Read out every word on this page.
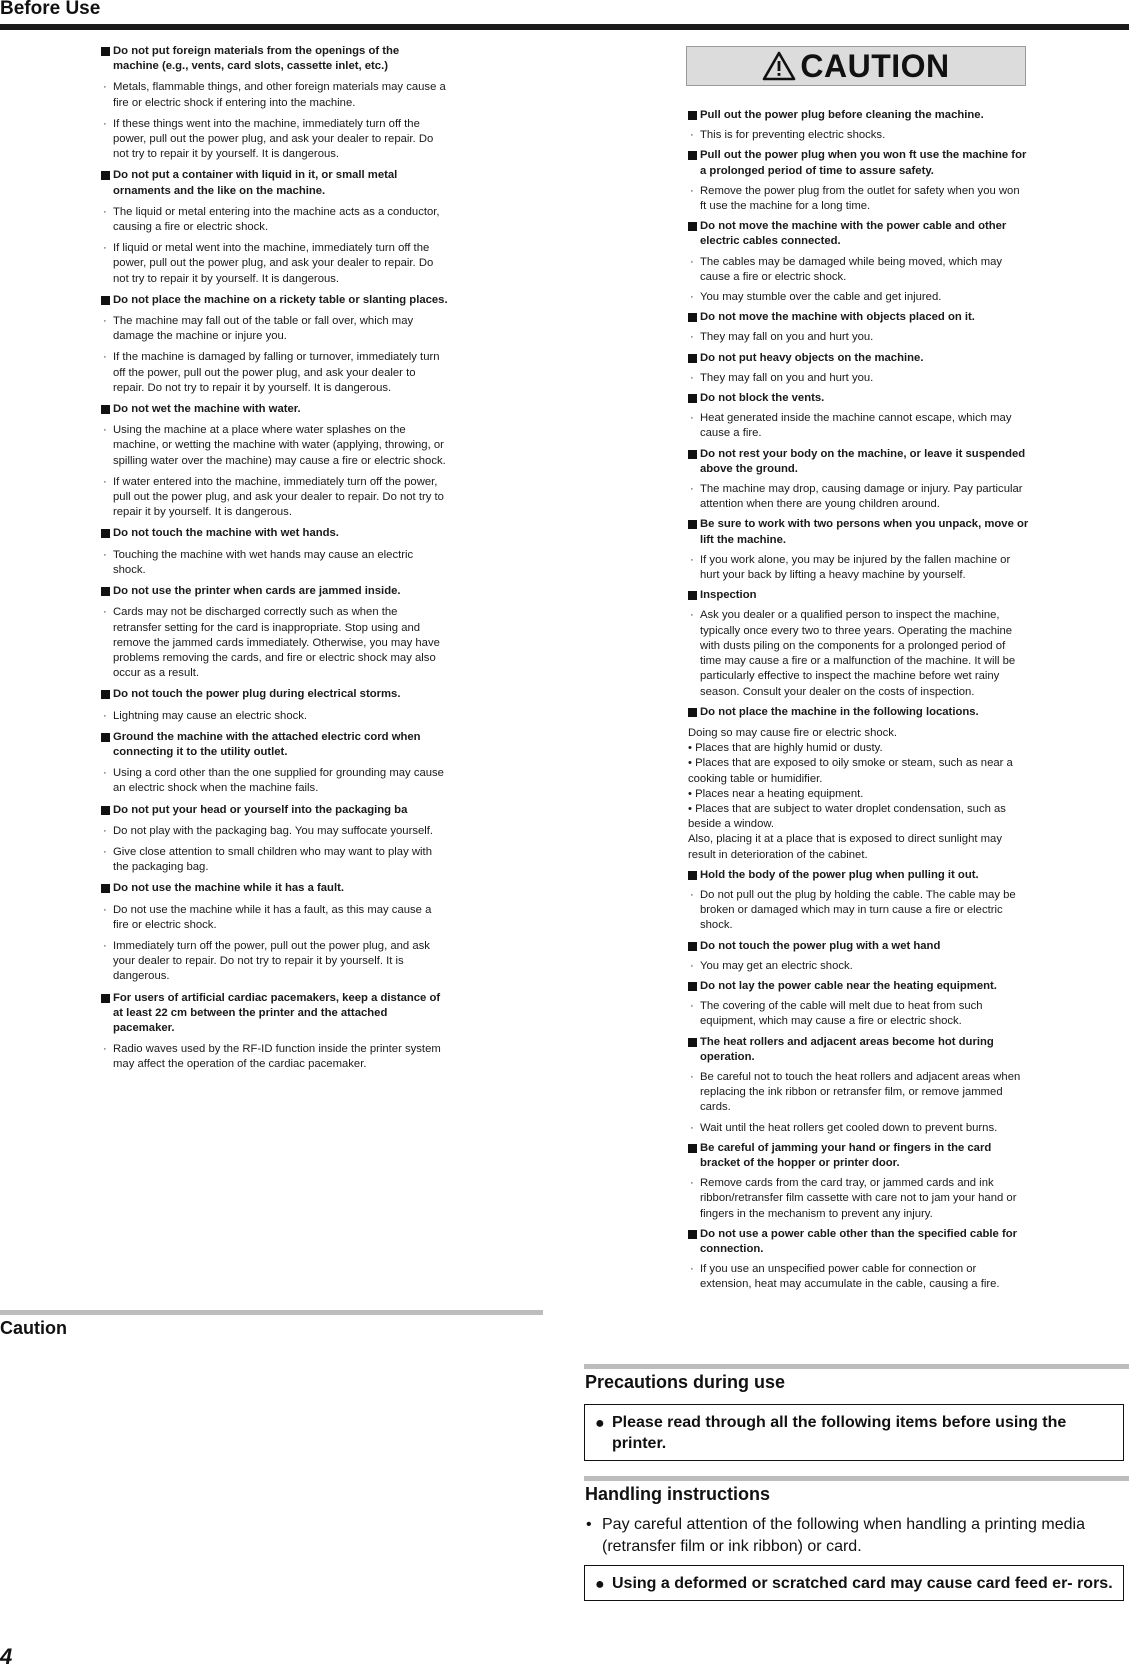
Before Use
Do not put foreign materials from the openings of the machine (e.g., vents, card slots, cassette inlet, etc.)
· Metals, flammable things, and other foreign materials may cause a fire or electric shock if entering into the machine.
· If these things went into the machine, immediately turn off the power, pull out the power plug, and ask your dealer to repair. Do not try to repair it by yourself. It is dangerous.
Do not put a container with liquid in it, or small metal ornaments and the like on the machine.
· The liquid or metal entering into the machine acts as a conductor, causing a fire or electric shock.
· If liquid or metal went into the machine, immediately turn off the power, pull out the power plug, and ask your dealer to repair. Do not try to repair it by yourself. It is dangerous.
Do not place the machine on a rickety table or slanting places.
· The machine may fall out of the table or fall over, which may damage the machine or injure you.
· If the machine is damaged by falling or turnover, immediately turn off the power, pull out the power plug, and ask your dealer to repair. Do not try to repair it by yourself. It is dangerous.
Do not wet the machine with water.
· Using the machine at a place where water splashes on the machine, or wetting the machine with water (applying, throwing, or spilling water over the machine) may cause a fire or electric shock.
· If water entered into the machine, immediately turn off the power, pull out the power plug, and ask your dealer to repair. Do not try to repair it by yourself. It is dangerous.
Do not touch the machine with wet hands.
· Touching the machine with wet hands may cause an electric shock.
Do not use the printer when cards are jammed inside.
· Cards may not be discharged correctly such as when the retransfer setting for the card is inappropriate. Stop using and remove the jammed cards immediately. Otherwise, you may have problems removing the cards, and fire or electric shock may also occur as a result.
Do not touch the power plug during electrical storms.
· Lightning may cause an electric shock.
Ground the machine with the attached electric cord when connecting it to the utility outlet.
· Using a cord other than the one supplied for grounding may cause an electric shock when the machine fails.
Do not put your head or yourself into the packaging ba
· Do not play with the packaging bag. You may suffocate yourself.
· Give close attention to small children who may want to play with the packaging bag.
Do not use the machine while it has a fault.
· Do not use the machine while it has a fault, as this may cause a fire or electric shock.
· Immediately turn off the power, pull out the power plug, and ask your dealer to repair. Do not try to repair it by yourself. It is dangerous.
For users of artificial cardiac pacemakers, keep a distance of at least 22 cm between the printer and the attached pacemaker.
· Radio waves used by the RF-ID function inside the printer system may affect the operation of the cardiac pacemaker.
CAUTION
Pull out the power plug before cleaning the machine.
· This is for preventing electric shocks.
Pull out the power plug when you won ft use the machine for a prolonged period of time to assure safety.
· Remove the power plug from the outlet for safety when you won ft use the machine for a long time.
Do not move the machine with the power cable and other electric cables connected.
· The cables may be damaged while being moved, which may cause a fire or electric shock.
· You may stumble over the cable and get injured.
Do not move the machine with objects placed on it.
· They may fall on you and hurt you.
Do not put heavy objects on the machine.
· They may fall on you and hurt you.
Do not block the vents.
· Heat generated inside the machine cannot escape, which may cause a fire.
Do not rest your body on the machine, or leave it suspended above the ground.
· The machine may drop, causing damage or injury. Pay particular attention when there are young children around.
Be sure to work with two persons when you unpack, move or lift the machine.
· If you work alone, you may be injured by the fallen machine or hurt your back by lifting a heavy machine by yourself.
Inspection
· Ask you dealer or a qualified person to inspect the machine, typically once every two to three years. Operating the machine with dusts piling on the components for a prolonged period of time may cause a fire or a malfunction of the machine. It will be particularly effective to inspect the machine before wet rainy season. Consult your dealer on the costs of inspection.
Do not place the machine in the following locations.
Doing so may cause fire or electric shock.
• Places that are highly humid or dusty.
• Places that are exposed to oily smoke or steam, such as near a cooking table or humidifier.
• Places near a heating equipment.
• Places that are subject to water droplet condensation, such as beside a window.
Also, placing it at a place that is exposed to direct sunlight may result in deterioration of the cabinet.
Hold the body of the power plug when pulling it out.
· Do not pull out the plug by holding the cable. The cable may be broken or damaged which may in turn cause a fire or electric shock.
Do not touch the power plug with a wet hand
· You may get an electric shock.
Do not lay the power cable near the heating equipment.
· The covering of the cable will melt due to heat from such equipment, which may cause a fire or electric shock.
The heat rollers and adjacent areas become hot during operation.
· Be careful not to touch the heat rollers and adjacent areas when replacing the ink ribbon or retransfer film, or remove jammed cards.
· Wait until the heat rollers get cooled down to prevent burns.
Be careful of jamming your hand or fingers in the card bracket of the hopper or printer door.
· Remove cards from the card tray, or jammed cards and ink ribbon/retransfer film cassette with care not to jam your hand or fingers in the mechanism to prevent any injury.
Do not use a power cable other than the specified cable for connection.
· If you use an unspecified power cable for connection or extension, heat may accumulate in the cable, causing a fire.
Caution
Precautions during use
● Please read through all the following items before using the printer.
Handling instructions
• Pay careful attention of the following when handling a printing media (retransfer film or ink ribbon) or card.
● Using a deformed or scratched card may cause card feed er- rors.
4
